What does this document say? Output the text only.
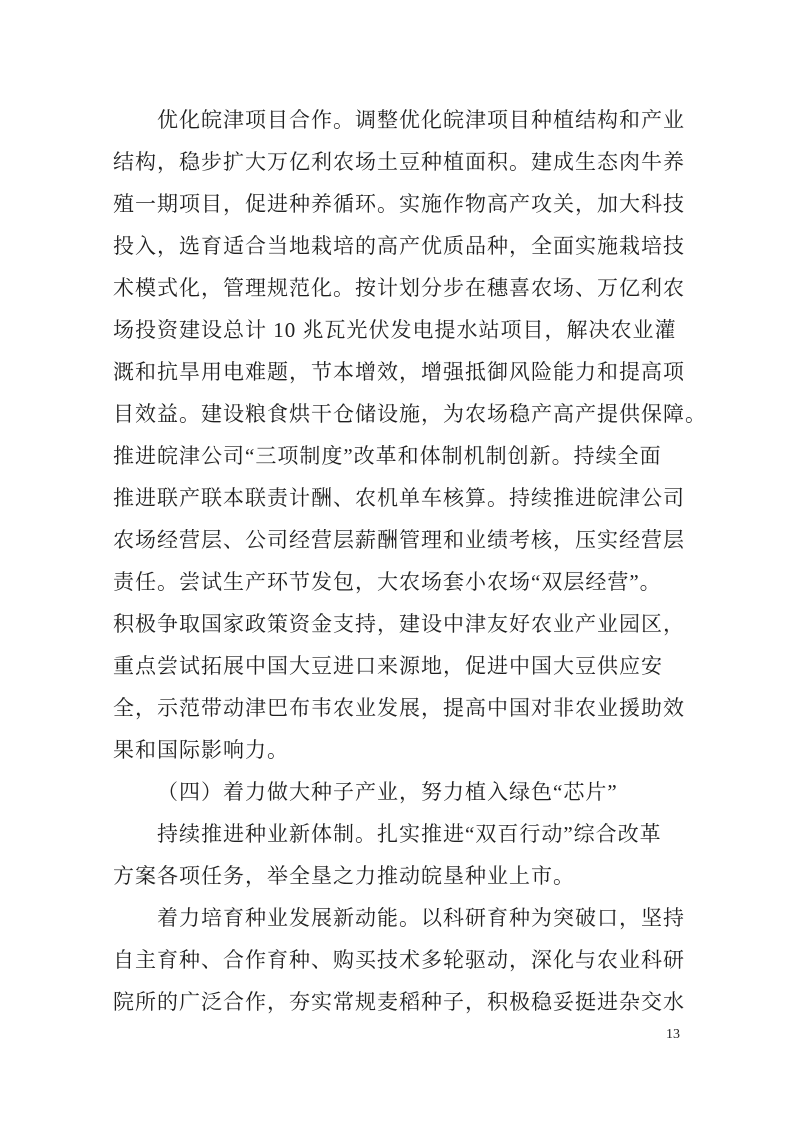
优化皖津项目合作。调整优化皖津项目种植结构和产业
结构，稳步扩大万亿利农场土豆种植面积。建成生态肉牛养
殖一期项目，促进种养循环。实施作物高产攻关，加大科技
投入，选育适合当地栽培的高产优质品种，全面实施栽培技
术模式化，管理规范化。按计划分步在穗喜农场、万亿利农
场投资建设总计 10 兆瓦光伏发电提水站项目，解决农业灌
溉和抗旱用电难题，节本增效，增强抵御风险能力和提高项
目效益。建设粮食烘干仓储设施，为农场稳产高产提供保障。
推进皖津公司“三项制度”改革和体制机制创新。持续全面
推进联产联本联责计酬、农机单车核算。持续推进皖津公司
农场经营层、公司经营层薪酬管理和业绩考核，压实经营层
责任。尝试生产环节发包，大农场套小农场“双层经营”。
积极争取国家政策资金支持，建设中津友好农业产业园区，
重点尝试拓展中国大豆进口来源地，促进中国大豆供应安
全，示范带动津巴布韦农业发展，提高中国对非农业援助效
果和国际影响力。
（四）着力做大种子产业，努力植入绿色“芯片”
持续推进种业新体制。扎实推进“双百行动”综合改革
方案各项任务，举全垦之力推动皖垦种业上市。
着力培育种业发展新动能。以科研育种为突破口，坚持
自主育种、合作育种、购买技术多轮驱动，深化与农业科研
院所的广泛合作，夯实常规麦稻种子，积极稳妥挺进杂交水
13
